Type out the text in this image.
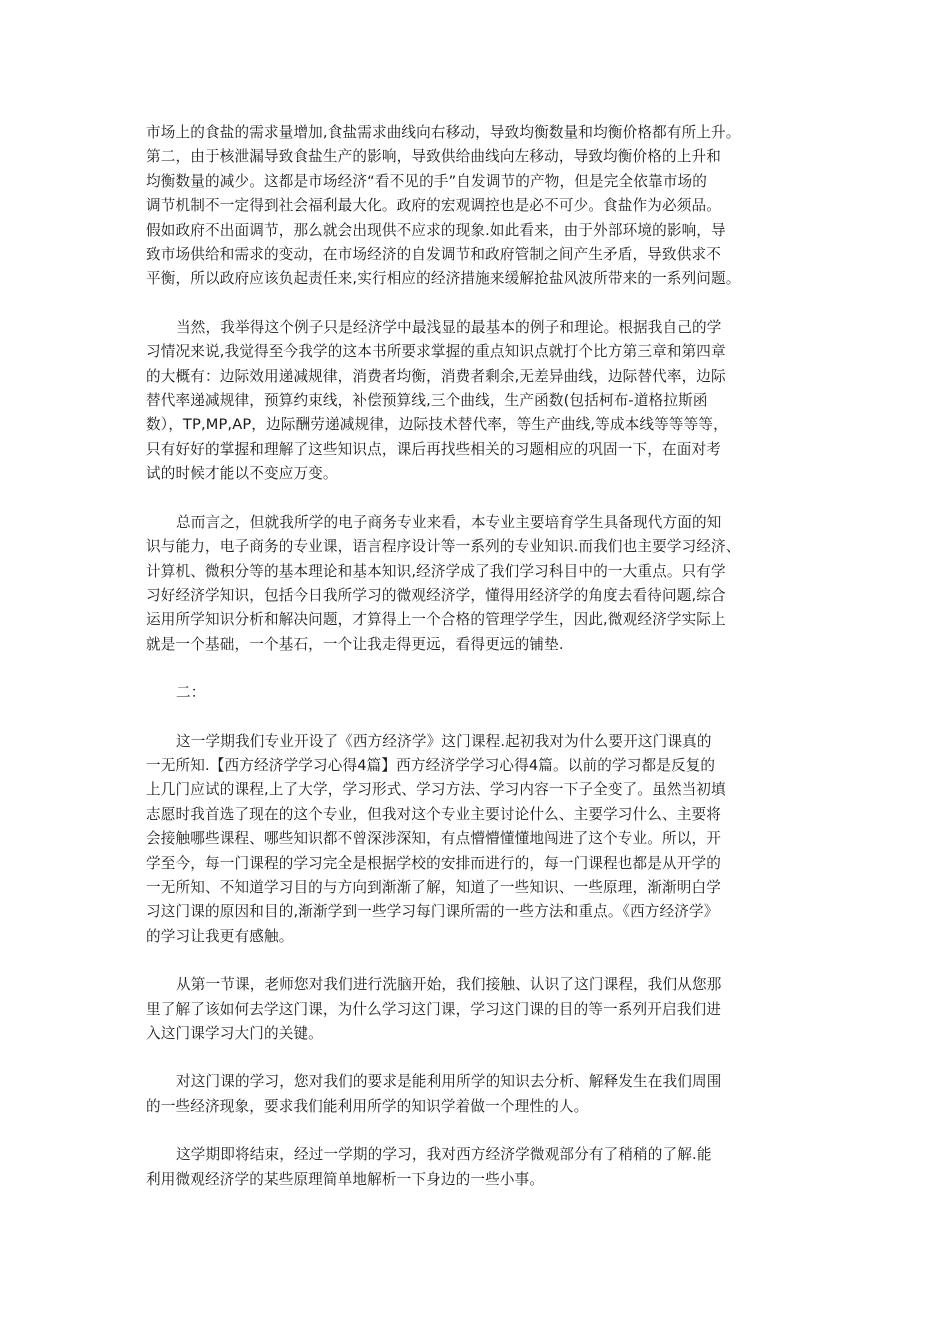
市场上的食盐的需求量增加,食盐需求曲线向右移动，导致均衡数量和均衡价格都有所上升。
第二，由于核泄漏导致食盐生产的影响，导致供给曲线向左移动，导致均衡价格的上升和
均衡数量的减少。这都是市场经济“看不见的手”自发调节的产物，但是完全依靠市场的
调节机制不一定得到社会福利最大化。政府的宏观调控也是必不可少。食盐作为必须品。
假如政府不出面调节，那么就会出现供不应求的现象.如此看来，由于外部环境的影响，导
致市场供给和需求的变动，在市场经济的自发调节和政府管制之间产生矛盾，导致供求不
平衡，所以政府应该负起责任来,实行相应的经济措施来缓解抢盐风波所带来的一系列问题。

当然，我举得这个例子只是经济学中最浅显的最基本的例子和理论。根据我自己的学
习情况来说,我觉得至今我学的这本书所要求掌握的重点知识点就打个比方第三章和第四章
的大概有：边际效用递减规律，消费者均衡，消费者剩余,无差异曲线，边际替代率，边际
替代率递减规律，预算约束线，补偿预算线,三个曲线，生产函数(包括柯布-道格拉斯函
数），TP,MP,AP，边际酬劳递减规律，边际技术替代率，等生产曲线,等成本线等等等等，
只有好好的掌握和理解了这些知识点，课后再找些相关的习题相应的巩固一下，在面对考
试的时候才能以不变应万变。

总而言之，但就我所学的电子商务专业来看，本专业主要培育学生具备现代方面的知
识与能力，电子商务的专业课，语言程序设计等一系列的专业知识.而我们也主要学习经济、
计算机、微积分等的基本理论和基本知识,经济学成了我们学习科目中的一大重点。只有学
习好经济学知识，包括今日我所学习的微观经济学，懂得用经济学的角度去看待问题,综合
运用所学知识分析和解决问题，才算得上一个合格的管理学学生，因此,微观经济学实际上
就是一个基础，一个基石，一个让我走得更远，看得更远的铺垫.

二：

这一学期我们专业开设了《西方经济学》这门课程.起初我对为什么要开这门课真的
一无所知.【西方经济学学习心得4篇】西方经济学学习心得4篇。以前的学习都是反复的
上几门应试的课程,上了大学，学习形式、学习方法、学习内容一下子全变了。虽然当初填
志愿时我首选了现在的这个专业，但我对这个专业主要讨论什么、主要学习什么、主要将
会接触哪些课程、哪些知识都不曾深涉深知，有点懵懵懂懂地闯进了这个专业。所以，开
学至今，每一门课程的学习完全是根据学校的安排而进行的，每一门课程也都是从开学的
一无所知、不知道学习目的与方向到渐渐了解，知道了一些知识、一些原理，渐渐明白学
习这门课的原因和目的,渐渐学到一些学习每门课所需的一些方法和重点。《西方经济学》
的学习让我更有感触。

从第一节课，老师您对我们进行洗脑开始，我们接触、认识了这门课程，我们从您那
里了解了该如何去学这门课，为什么学习这门课，学习这门课的目的等一系列开启我们进
入这门课学习大门的关键。

对这门课的学习，您对我们的要求是能利用所学的知识去分析、解释发生在我们周围
的一些经济现象，要求我们能利用所学的知识学着做一个理性的人。

这学期即将结束，经过一学期的学习，我对西方经济学微观部分有了稍稍的了解.能
利用微观经济学的某些原理简单地解析一下身边的一些小事。
